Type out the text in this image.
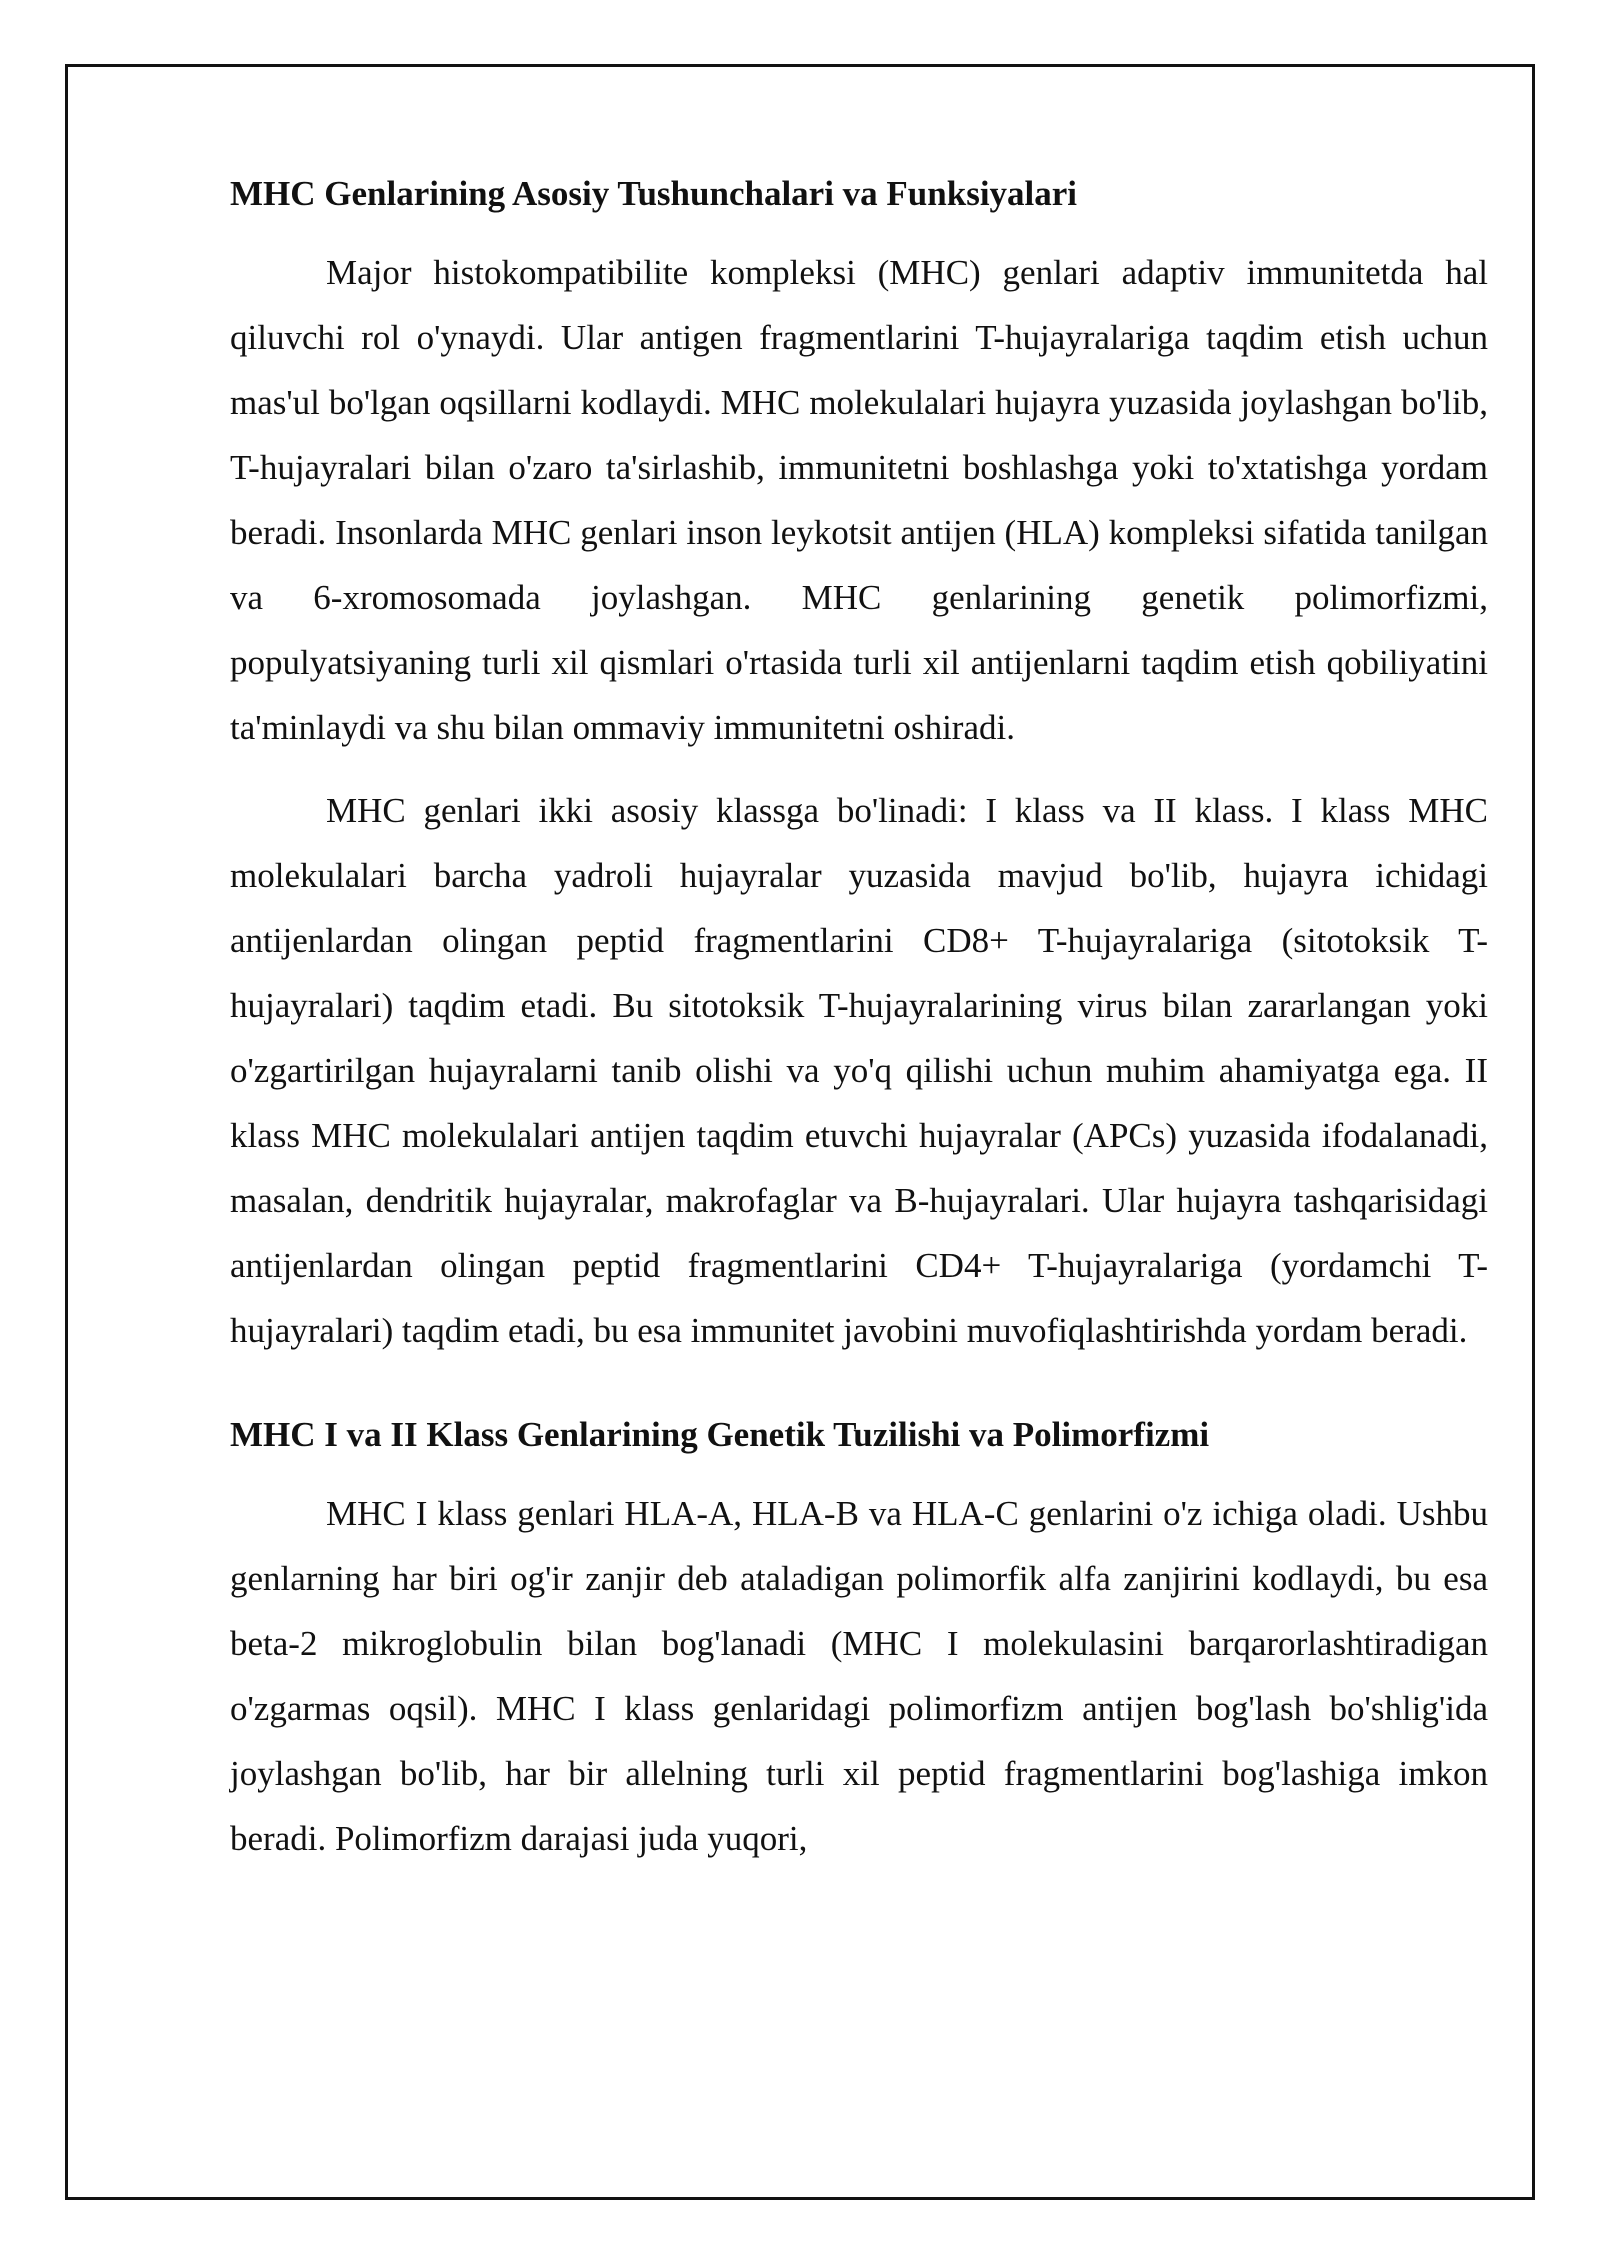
MHC Genlarining Asosiy Tushunchalari va Funksiyalari

Major histokompatibilite kompleksi (MHC) genlari adaptiv immunitetda hal qiluvchi rol o'ynaydi. Ular antigen fragmentlarini T-hujayralariga taqdim etish uchun mas'ul bo'lgan oqsillarni kodlaydi. MHC molekulalari hujayra yuzasida joylashgan bo'lib, T-hujayralari bilan o'zaro ta'sirlashib, immunitetni boshlashga yoki to'xtatishga yordam beradi. Insonlarda MHC genlari inson leykotsit antijen (HLA) kompleksi sifatida tanilgan va 6-xromosomada joylashgan. MHC genlarining genetik polimorfizmi, populyatsiyaning turli xil qismlari o'rtasida turli xil antijenlarni taqdim etish qobiliyatini ta'minlaydi va shu bilan ommaviy immunitetni oshiradi.

MHC genlari ikki asosiy klassga bo'linadi: I klass va II klass. I klass MHC molekulalari barcha yadroli hujayralar yuzasida mavjud bo'lib, hujayra ichidagi antijenlardan olingan peptid fragmentlarini CD8+ T-hujayralariga (sitotoksik T-hujayralari) taqdim etadi. Bu sitotoksik T-hujayralarining virus bilan zararlangan yoki o'zgartirilgan hujayralarni tanib olishi va yo'q qilishi uchun muhim ahamiyatga ega. II klass MHC molekulalari antijen taqdim etuvchi hujayralar (APCs) yuzasida ifodalanadi, masalan, dendritik hujayralar, makrofaglar va B-hujayralari. Ular hujayra tashqarisidagi antijenlardan olingan peptid fragmentlarini CD4+ T-hujayralariga (yordamchi T-hujayralari) taqdim etadi, bu esa immunitet javobini muvofiqlashtirishda yordam beradi.

MHC I va II Klass Genlarining Genetik Tuzilishi va Polimorfizmi

MHC I klass genlari HLA-A, HLA-B va HLA-C genlarini o'z ichiga oladi. Ushbu genlarning har biri og'ir zanjir deb ataladigan polimorfik alfa zanjirini kodlaydi, bu esa beta-2 mikroglobulin bilan bog'lanadi (MHC I molekulasini barqarorlashtiradigan o'zgarmas oqsil). MHC I klass genlaridagi polimorfizm antijen bog'lash bo'shlig'ida joylashgan bo'lib, har bir allelning turli xil peptid fragmentlarini bog'lashiga imkon beradi. Polimorfizm darajasi juda yuqori,
